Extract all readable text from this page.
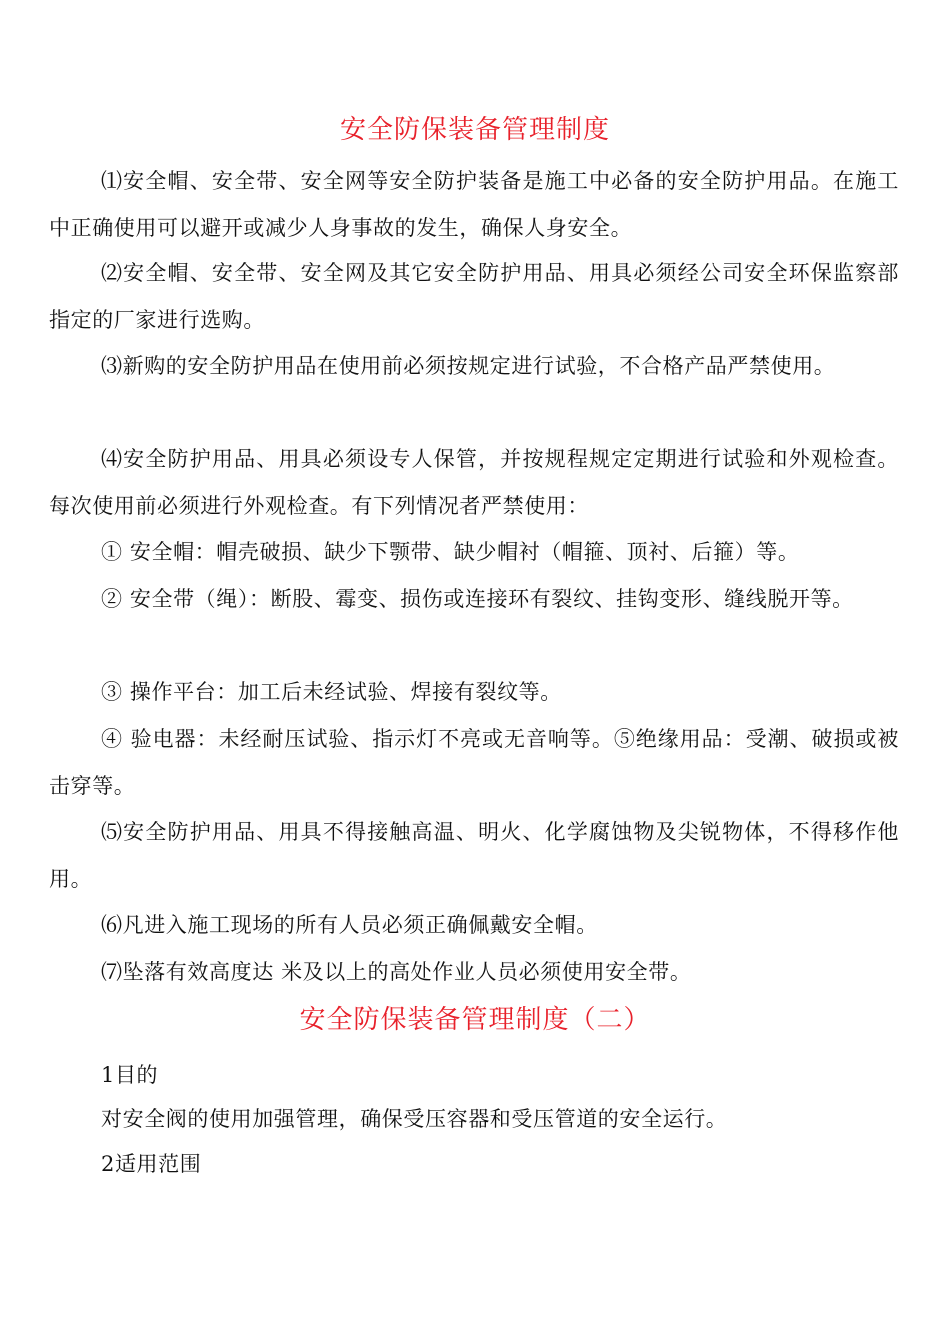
安全防保装备管理制度
⑴安全帽、安全带、安全网等安全防护装备是施工中必备的安全防护用品。在施工中正确使用可以避开或减少人身事故的发生，确保人身安全。
⑵安全帽、安全带、安全网及其它安全防护用品、用具必须经公司安全环保监察部指定的厂家进行选购。
⑶新购的安全防护用品在使用前必须按规定进行试验，不合格产品严禁使用。
⑷安全防护用品、用具必须设专人保管，并按规程规定定期进行试验和外观检查。每次使用前必须进行外观检查。有下列情况者严禁使用：
① 安全帽：帽壳破损、缺少下颚带、缺少帽衬（帽箍、顶衬、后箍）等。
② 安全带（绳）：断股、霉变、损伤或连接环有裂纹、挂钩变形、缝线脱开等。
③ 操作平台：加工后未经试验、焊接有裂纹等。
④ 验电器：未经耐压试验、指示灯不亮或无音响等。⑤绝缘用品：受潮、破损或被击穿等。
⑸安全防护用品、用具不得接触高温、明火、化学腐蚀物及尖锐物体，不得移作他用。
⑹凡进入施工现场的所有人员必须正确佩戴安全帽。
⑺坠落有效高度达 米及以上的高处作业人员必须使用安全带。
安全防保装备管理制度（二）
1目的
对安全阀的使用加强管理，确保受压容器和受压管道的安全运行。
2适用范围
